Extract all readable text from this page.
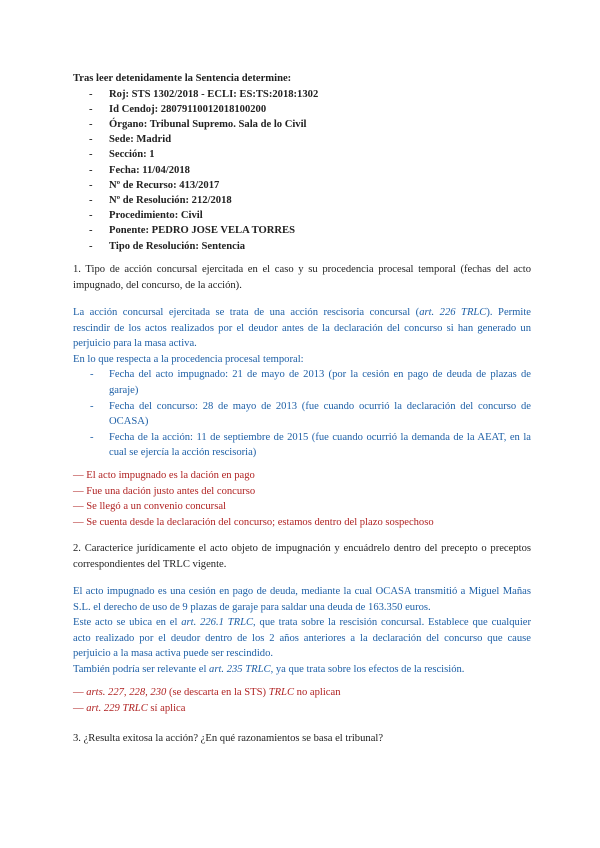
Tras leer detenidamente la Sentencia determine:
- Roj: STS 1302/2018 - ECLI: ES:TS:2018:1302
- Id Cendoj: 28079110012018100200
- Órgano: Tribunal Supremo. Sala de lo Civil
- Sede: Madrid
- Sección: 1
- Fecha: 11/04/2018
- Nº de Recurso: 413/2017
- Nº de Resolución: 212/2018
- Procedimiento: Civil
- Ponente: PEDRO JOSE VELA TORRES
- Tipo de Resolución: Sentencia
1. Tipo de acción concursal ejercitada en el caso y su procedencia procesal temporal (fechas del acto impugnado, del concurso, de la acción).

La acción concursal ejercitada se trata de una acción rescisoria concursal (art. 226 TRLC). Permite rescindir de los actos realizados por el deudor antes de la declaración del concurso si han generado un perjuicio para la masa activa.

En lo que respecta a la procedencia procesal temporal:

- Fecha del acto impugnado: 21 de mayo de 2013 (por la cesión en pago de deuda de plazas de garaje)
- Fecha del concurso: 28 de mayo de 2013 (fue cuando ocurrió la declaración del concurso de OCASA)
- Fecha de la acción: 11 de septiembre de 2015 (fue cuando ocurrió la demanda de la AEAT, en la cual se ejercía la acción rescisoria)

— El acto impugnado es la dación en pago

— Fue una dación justo antes del concurso

— Se llegó a un convenio concursal

— Se cuenta desde la declaración del concurso; estamos dentro del plazo sospechoso

2. Caracterice jurídicamente el acto objeto de impugnación y encuádrelo dentro del precepto o preceptos correspondientes del TRLC vigente.

El acto impugnado es una cesión en pago de deuda, mediante la cual OCASA transmitió a Miguel Mañas S.L. el derecho de uso de 9 plazas de garaje para saldar una deuda de 163.350 euros.

Este acto se ubica en el art. 226.1 TRLC, que trata sobre la rescisión concursal. Establece que cualquier acto realizado por el deudor dentro de los 2 años anteriores a la declaración del concurso que cause perjuicio a la masa activa puede ser rescindido.

También podría ser relevante el art. 235 TRLC, ya que trata sobre los efectos de la rescisión.

— arts. 227, 228, 230 (se descarta en la STS) TRLC no aplican

— art. 229 TRLC sí aplica

3. ¿Resulta exitosa la acción? ¿En qué razonamientos se basa el tribunal?
